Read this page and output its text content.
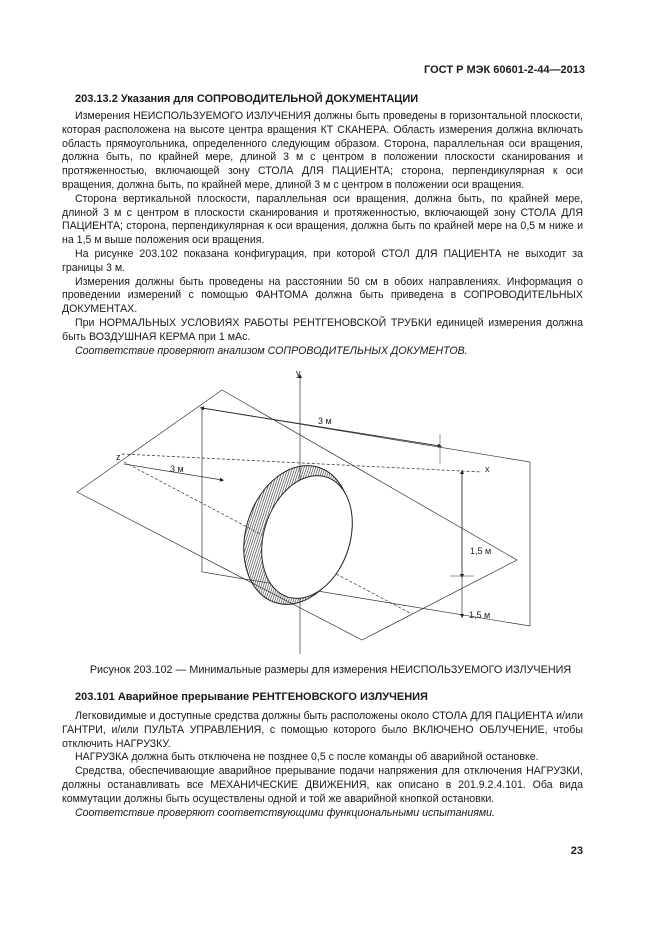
ГОСТ Р МЭК 60601-2-44—2013
203.13.2 Указания для СОПРОВОДИТЕЛЬНОЙ ДОКУМЕНТАЦИИ

Измерения НЕИСПОЛЬЗУЕМОГО ИЗЛУЧЕНИЯ должны быть проведены в горизонтальной плоскости, которая расположена на высоте центра вращения КТ СКАНЕРА. Область измерения должна включать область прямоугольника, определенного следующим образом. Сторона, параллельная оси вращения, должна быть, по крайней мере, длиной 3 м с центром в положении плоскости сканирования и протяженностью, включающей зону СТОЛА ДЛЯ ПАЦИЕНТА; сторона, перпендикулярная к оси вращения, должна быть, по крайней мере, длиной 3 м с центром в положении оси вращения.

Сторона вертикальной плоскости, параллельная оси вращения, должна быть, по крайней мере, длиной 3 м с центром в плоскости сканирования и протяженностью, включающей зону СТОЛА ДЛЯ ПАЦИЕНТА; сторона, перпендикулярная к оси вращения, должна быть по крайней мере на 0,5 м ниже и на 1,5 м выше положения оси вращения.

На рисунке 203.102 показана конфигурация, при которой СТОЛ ДЛЯ ПАЦИЕНТА не выходит за границы 3 м.

Измерения должны быть проведены на расстоянии 50 см в обоих направлениях. Информация о проведении измерений с помощью ФАНТОМА должна быть приведена в СОПРОВОДИТЕЛЬНЫХ ДОКУМЕНТАХ.

При НОРМАЛЬНЫХ УСЛОВИЯХ РАБОТЫ РЕНТГЕНОВСКОЙ ТРУБКИ единицей измерения должна быть ВОЗДУШНАЯ КЕРМА при 1 мАс.

Соответствие проверяют анализом СОПРОВОДИТЕЛЬНЫХ ДОКУМЕНТОВ.

y
x
z
3 м
3 м
1,5 м
1,5 м
Рисунок 203.102 — Минимальные размеры для измерения НЕИСПОЛЬЗУЕМОГО ИЗЛУЧЕНИЯ
203.101 Аварийное прерывание РЕНТГЕНОВСКОГО ИЗЛУЧЕНИЯ

Легковидимые и доступные средства должны быть расположены около СТОЛА ДЛЯ ПАЦИЕНТА и/или ГАНТРИ, и/или ПУЛЬТА УПРАВЛЕНИЯ, с помощью которого было ВКЛЮЧЕНО ОБЛУЧЕНИЕ, чтобы отключить НАГРУЗКУ.

НАГРУЗКА должна быть отключена не позднее 0,5 с после команды об аварийной остановке.

Средства, обеспечивающие аварийное прерывание подачи напряжения для отключения НАГРУЗКИ, должны останавливать все МЕХАНИЧЕСКИЕ ДВИЖЕНИЯ, как описано в 201.9.2.4.101. Оба вида коммутации должны быть осуществлены одной и той же аварийной кнопкой остановки.

Соответствие проверяют соответствующими функциональными испытаниями.

23
